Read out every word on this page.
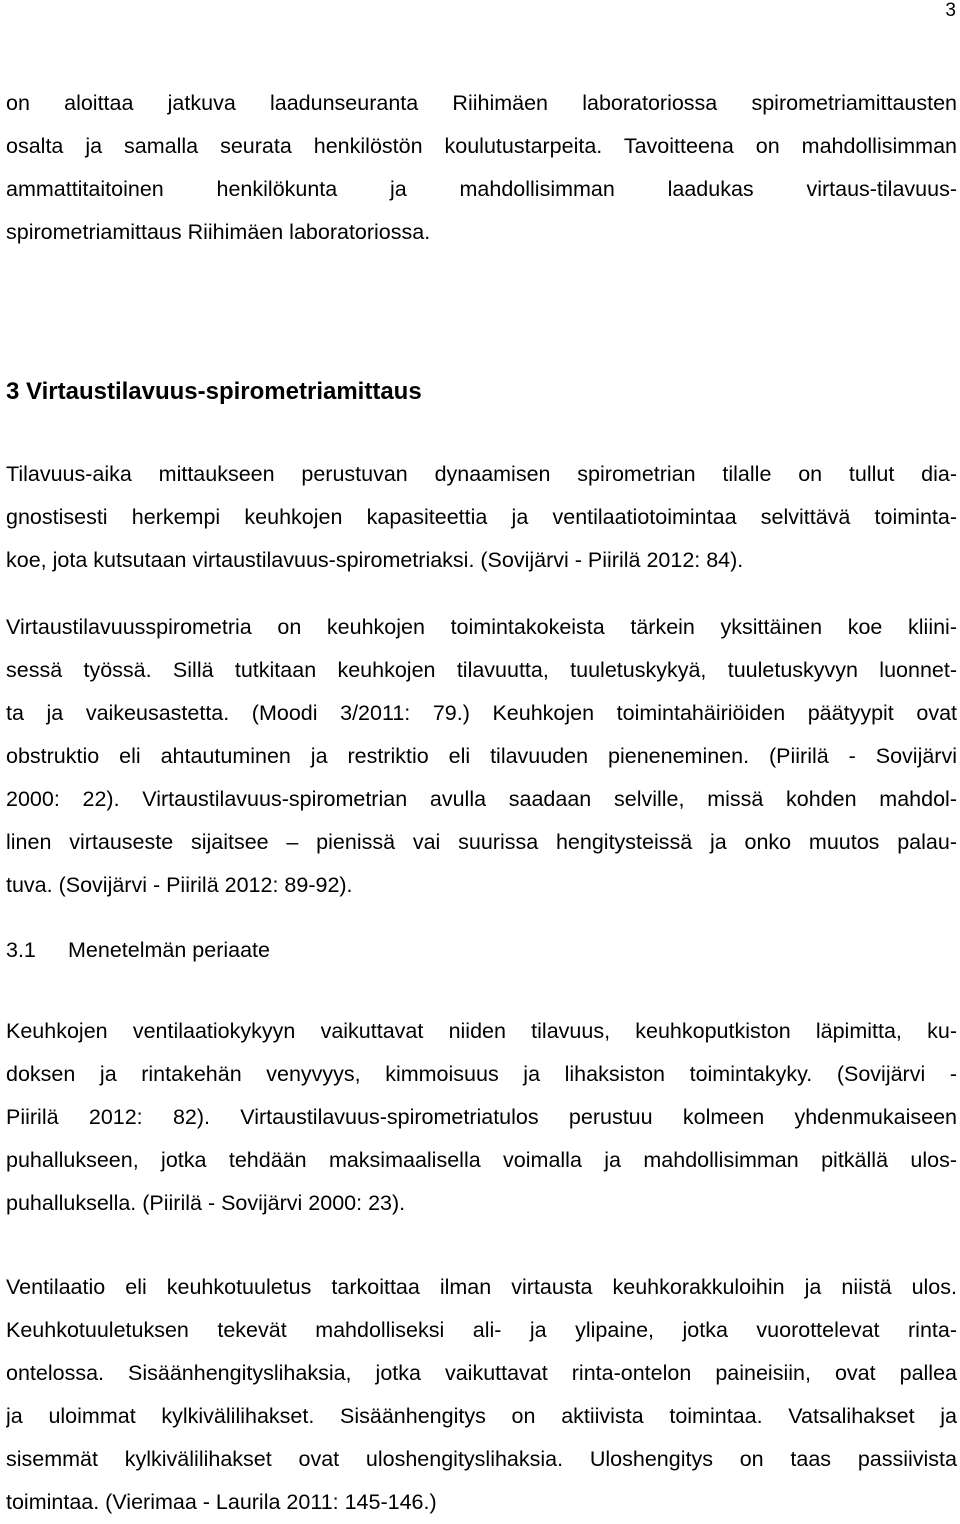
3
on aloittaa jatkuva laadunseuranta Riihimäen laboratoriossa spirometriamittausten
osalta ja samalla seurata henkilöstön koulutustarpeita. Tavoitteena on mahdollisimman
ammattitaitoinen henkilökunta ja mahdollisimman laadukas virtaus-tilavuus-
spirometriamittaus Riihimäen laboratoriossa.
3 Virtaustilavuus-spirometriamittaus
Tilavuus-aika mittaukseen perustuvan dynaamisen spirometrian tilalle on tullut dia-
gnostisesti herkempi keuhkojen kapasiteettia ja ventilaatiotoimintaa selvittävä toiminta-
koe, jota kutsutaan virtaustilavuus-spirometriaksi. (Sovijärvi - Piirilä 2012: 84).
Virtaustilavuusspirometria on keuhkojen toimintakokeista tärkein yksittäinen koe kliini-
sessä työssä. Sillä tutkitaan keuhkojen tilavuutta, tuuletuskykyä, tuuletuskyvyn luonnet-
ta ja vaikeusastetta. (Moodi 3/2011: 79.) Keuhkojen toimintahäiriöiden päätyypit ovat
obstruktio eli ahtautuminen ja restriktio eli tilavuuden pieneneminen. (Piirilä - Sovijärvi
2000: 22). Virtaustilavuus-spirometrian avulla saadaan selville, missä kohden mahdol-
linen virtauseste sijaitsee – pienissä vai suurissa hengitysteissä ja onko muutos palau-
tuva. (Sovijärvi - Piirilä 2012: 89-92).
3.1 Menetelmän periaate
Keuhkojen ventilaatiokykyyn vaikuttavat niiden tilavuus, keuhkoputkiston läpimitta, ku-
doksen ja rintakehän venyvyys, kimmoisuus ja lihaksiston toimintakyky. (Sovijärvi -
Piirilä 2012: 82). Virtaustilavuus-spirometriatulos perustuu kolmeen yhdenmukaiseen
puhallukseen, jotka tehdään maksimaalisella voimalla ja mahdollisimman pitkällä ulos-
puhalluksella. (Piirilä - Sovijärvi 2000: 23).
Ventilaatio eli keuhkotuuletus tarkoittaa ilman virtausta keuhkorakkuloihin ja niistä ulos.
Keuhkotuuletuksen tekevät mahdolliseksi ali- ja ylipaine, jotka vuorottelevat rinta-
ontelossa. Sisäänhengityslihaksia, jotka vaikuttavat rinta-ontelon paineisiin, ovat pallea
ja uloimmat kylkivälilihakset. Sisäänhengitys on aktiivista toimintaa. Vatsalihakset ja
sisemmät kylkivälilihakset ovat uloshengityslihaksia. Uloshengitys on taas passiivista
toimintaa. (Vierimaa - Laurila 2011: 145-146.)
